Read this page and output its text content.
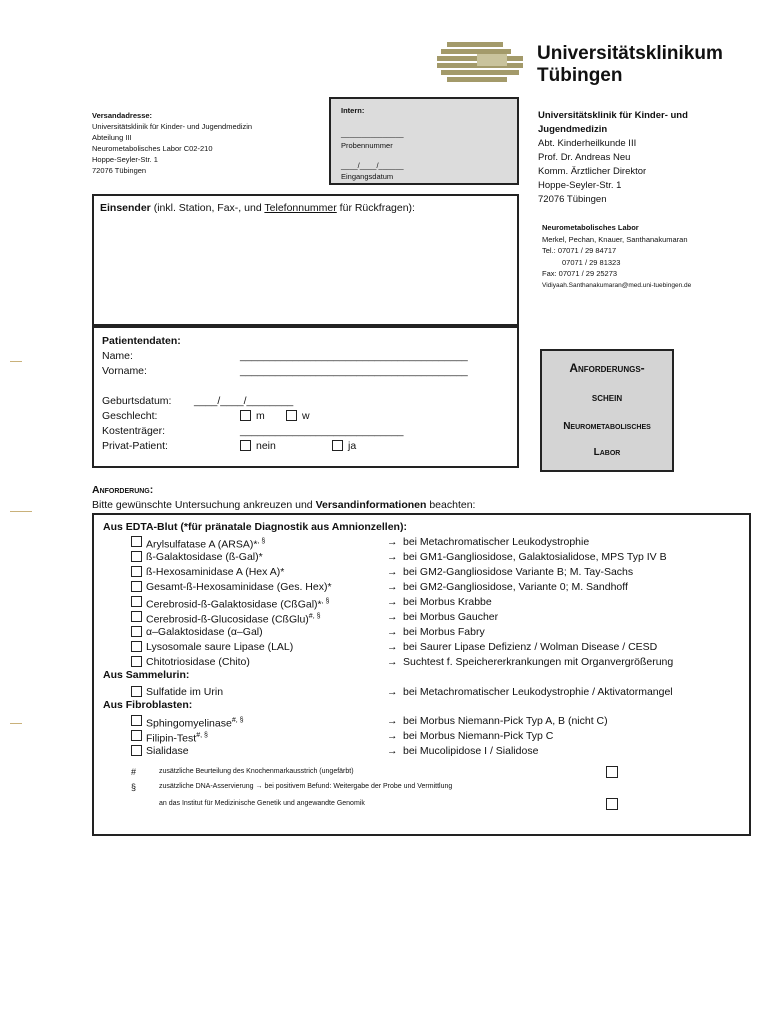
Universitätsklinikum
Tübingen
Versandadresse:
Universitätsklinik für Kinder- und Jugendmedizin
Abteilung III
Neurometabolisches Labor C02-210
Hoppe-Seyler-Str. 1
72076 Tübingen
Intern:
_______________
Probennummer
____/____/______
Eingangsdatum
Universitätsklinik für Kinder- und
Jugendmedizin
Abt. Kinderheilkunde III
Prof. Dr. Andreas Neu
Komm. Ärztlicher Direktor
Hoppe-Seyler-Str. 1
72076 Tübingen
Neurometabolisches Labor
Merkel, Pechan, Knauer, Santhanakumaran
Tel.: 07071 / 29 84717
07071 / 29 81323
Fax: 07071 / 29 25273
Vidiyaah.Santhanakumaran@med.uni-tuebingen.de
Einsender (inkl. Station, Fax-, und Telefonnummer für Rückfragen):
Patientendaten:
Name:	_______________________________________
Vorname:	_______________________________________
Geburtsdatum: ____/____/________
Geschlecht:	m	w
Kostenträger:	____________________________
Privat-Patient:	nein	ja
Anforderungs-
schein
Neurometabolisches
Labor
Anforderung:
Bitte gewünschte Untersuchung ankreuzen und Versandinformationen beachten:
Aus EDTA-Blut (*für pränatale Diagnostik aus Amnionzellen):
Arylsulfatase A (ARSA)*, §	→ bei Metachromatischer Leukodystrophie
ß-Galaktosidase (ß-Gal)*	→ bei GM1-Gangliosidose, Galaktosialidose, MPS Typ IV B
ß-Hexosaminidase A (Hex A)*	→ bei GM2-Gangliosidose Variante B; M. Tay-Sachs
Gesamt-ß-Hexosaminidase (Ges. Hex)*	→ bei GM2-Gangliosidose, Variante 0; M. Sandhoff
Cerebrosid-ß-Galaktosidase (CßGal)*, §	→ bei Morbus Krabbe
Cerebrosid-ß-Glucosidase (CßGlu)#, §	→ bei Morbus Gaucher
α–Galaktosidase (α–Gal)	→ bei Morbus Fabry
Lysosomale saure Lipase (LAL)	→ bei Saurer Lipase Defizienz / Wolman Disease / CESD
Chitotriosidase (Chito)	→ Suchtest f. Speichererkrankungen mit Organvergrößerung
Sulfatide im Urin	→ bei Metachromatischer Leukodystrophie / Aktivatormangel
Sphingomyelinase#, §	→ bei Morbus Niemann-Pick Typ A, B (nicht C)
Filipin-Test#, §	→ bei Morbus Niemann-Pick Typ C
Sialidase	→ bei Mucolipidose I / Sialidose
Aus Sammelurin:
Aus Fibroblasten:
#	zusätzliche Beurteilung des Knochenmarkausstrich (ungefärbt)
§	zusätzliche DNA-Asservierung → bei positivem Befund: Weitergabe der Probe und Vermittlung
an das Institut für Medizinische Genetik und angewandte Genomik
